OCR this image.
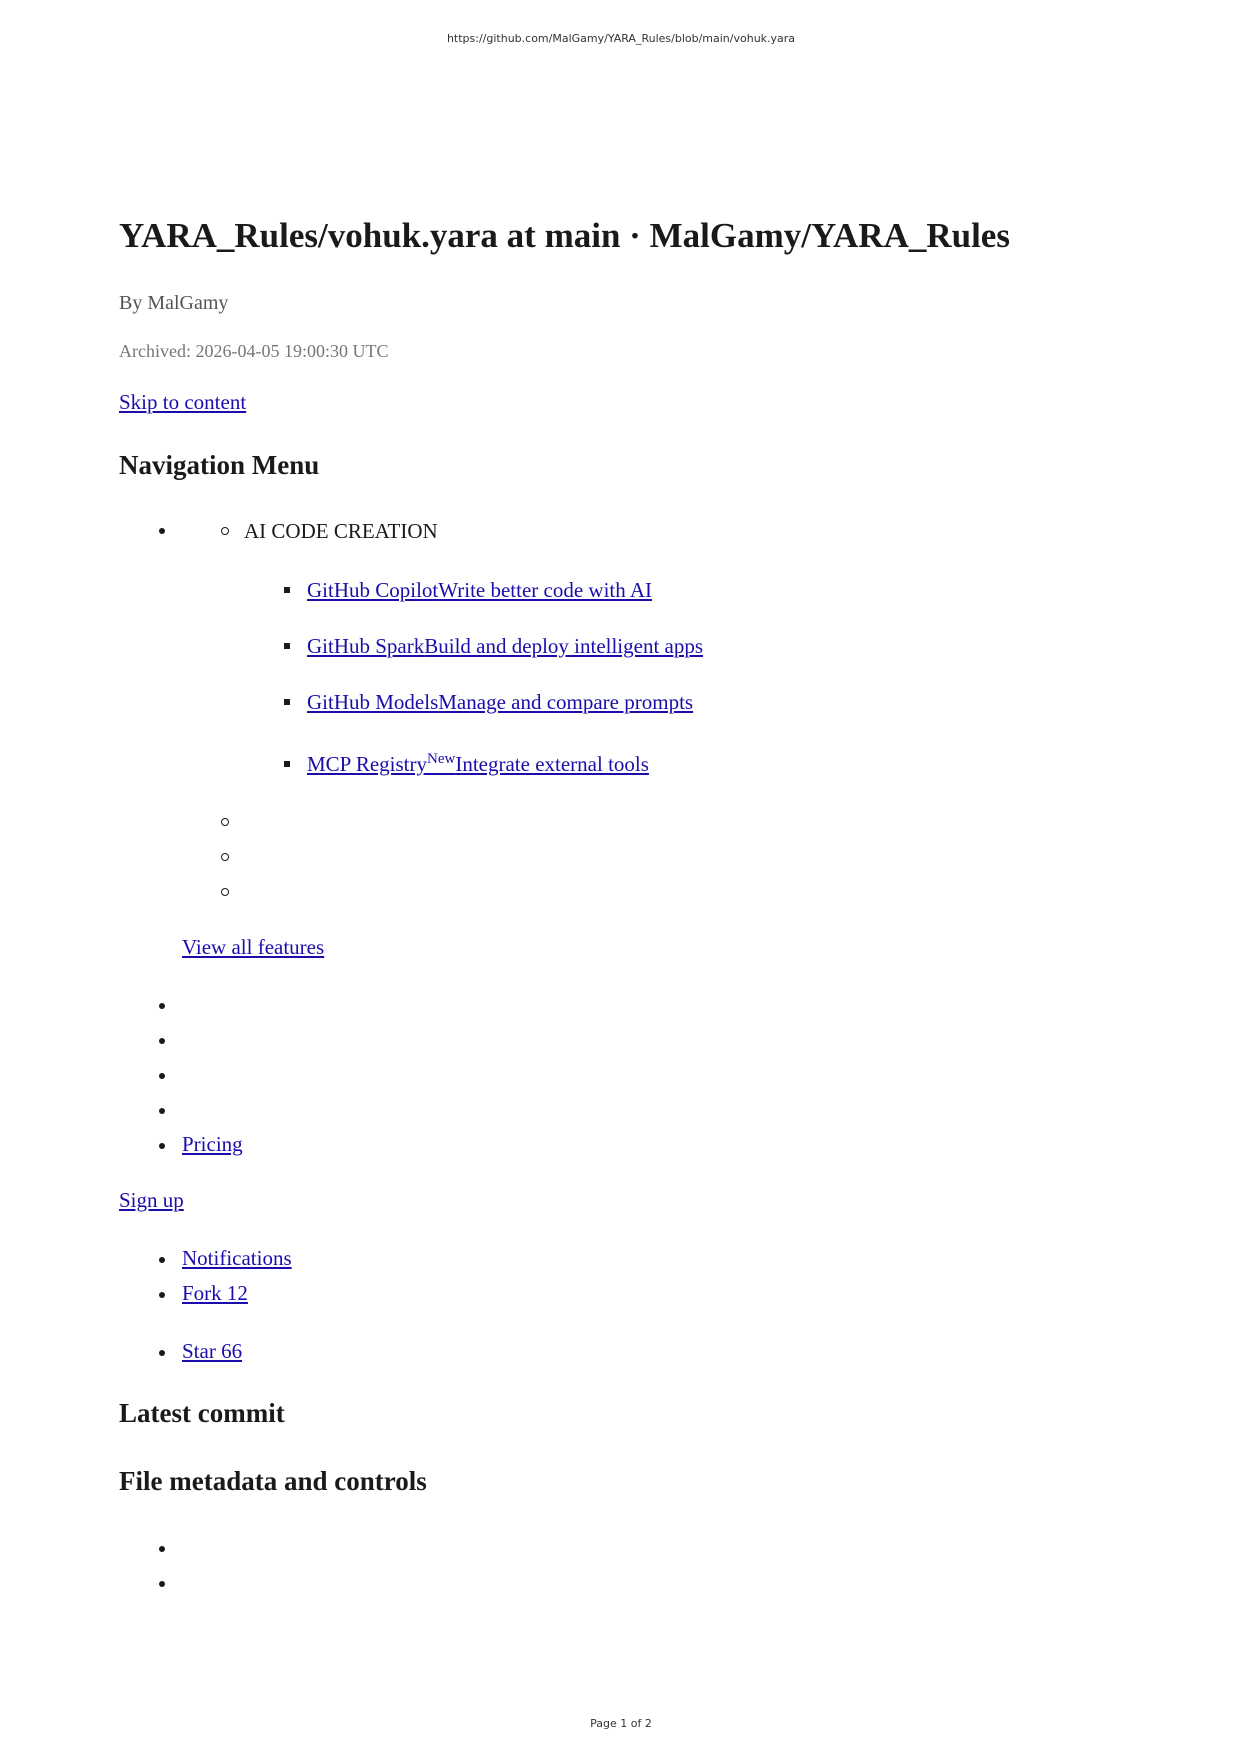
https://github.com/MalGamy/YARA_Rules/blob/main/vohuk.yara
YARA_Rules/vohuk.yara at main · MalGamy/YARA_Rules
By MalGamy
Archived: 2026-04-05 19:00:30 UTC
Skip to content
Navigation Menu
AI CODE CREATION
GitHub CopilotWrite better code with AI
GitHub SparkBuild and deploy intelligent apps
GitHub ModelsManage and compare prompts
MCP Registry$^{New}$Integrate external tools
View all features
Pricing
Sign up
Notifications
Fork 12
Star 66
Latest commit
File metadata and controls
Page 1 of 2
